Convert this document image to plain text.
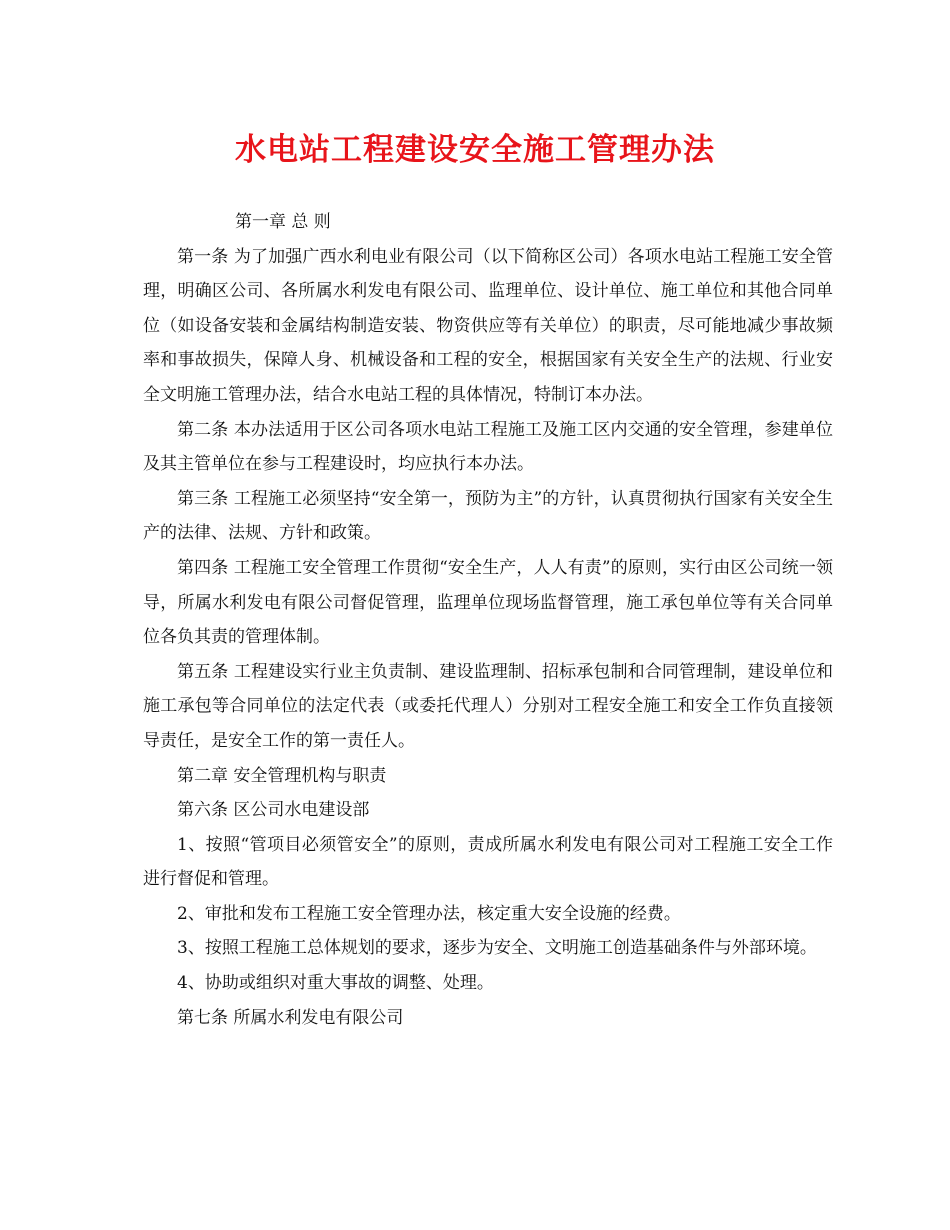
水电站工程建设安全施工管理办法

第一章 总 则

第一条 为了加强广西水利电业有限公司（以下简称区公司）各项水电站工程施工安全管理，明确区公司、各所属水利发电有限公司、监理单位、设计单位、施工单位和其他合同单位（如设备安装和金属结构制造安装、物资供应等有关单位）的职责，尽可能地减少事故频率和事故损失，保障人身、机械设备和工程的安全，根据国家有关安全生产的法规、行业安全文明施工管理办法，结合水电站工程的具体情况，特制订本办法。

第二条 本办法适用于区公司各项水电站工程施工及施工区内交通的安全管理，参建单位及其主管单位在参与工程建设时，均应执行本办法。

第三条 工程施工必须坚持“安全第一，预防为主”的方针，认真贯彻执行国家有关安全生产的法律、法规、方针和政策。

第四条 工程施工安全管理工作贯彻“安全生产，人人有责”的原则，实行由区公司统一领导，所属水利发电有限公司督促管理，监理单位现场监督管理，施工承包单位等有关合同单位各负其责的管理体制。

第五条 工程建设实行业主负责制、建设监理制、招标承包制和合同管理制，建设单位和施工承包等合同单位的法定代表（或委托代理人）分别对工程安全施工和安全工作负直接领导责任，是安全工作的第一责任人。

第二章 安全管理机构与职责

第六条 区公司水电建设部

1、按照“管项目必须管安全”的原则，责成所属水利发电有限公司对工程施工安全工作进行督促和管理。

2、审批和发布工程施工安全管理办法，核定重大安全设施的经费。

3、按照工程施工总体规划的要求，逐步为安全、文明施工创造基础条件与外部环境。

4、协助或组织对重大事故的调整、处理。

第七条 所属水利发电有限公司
